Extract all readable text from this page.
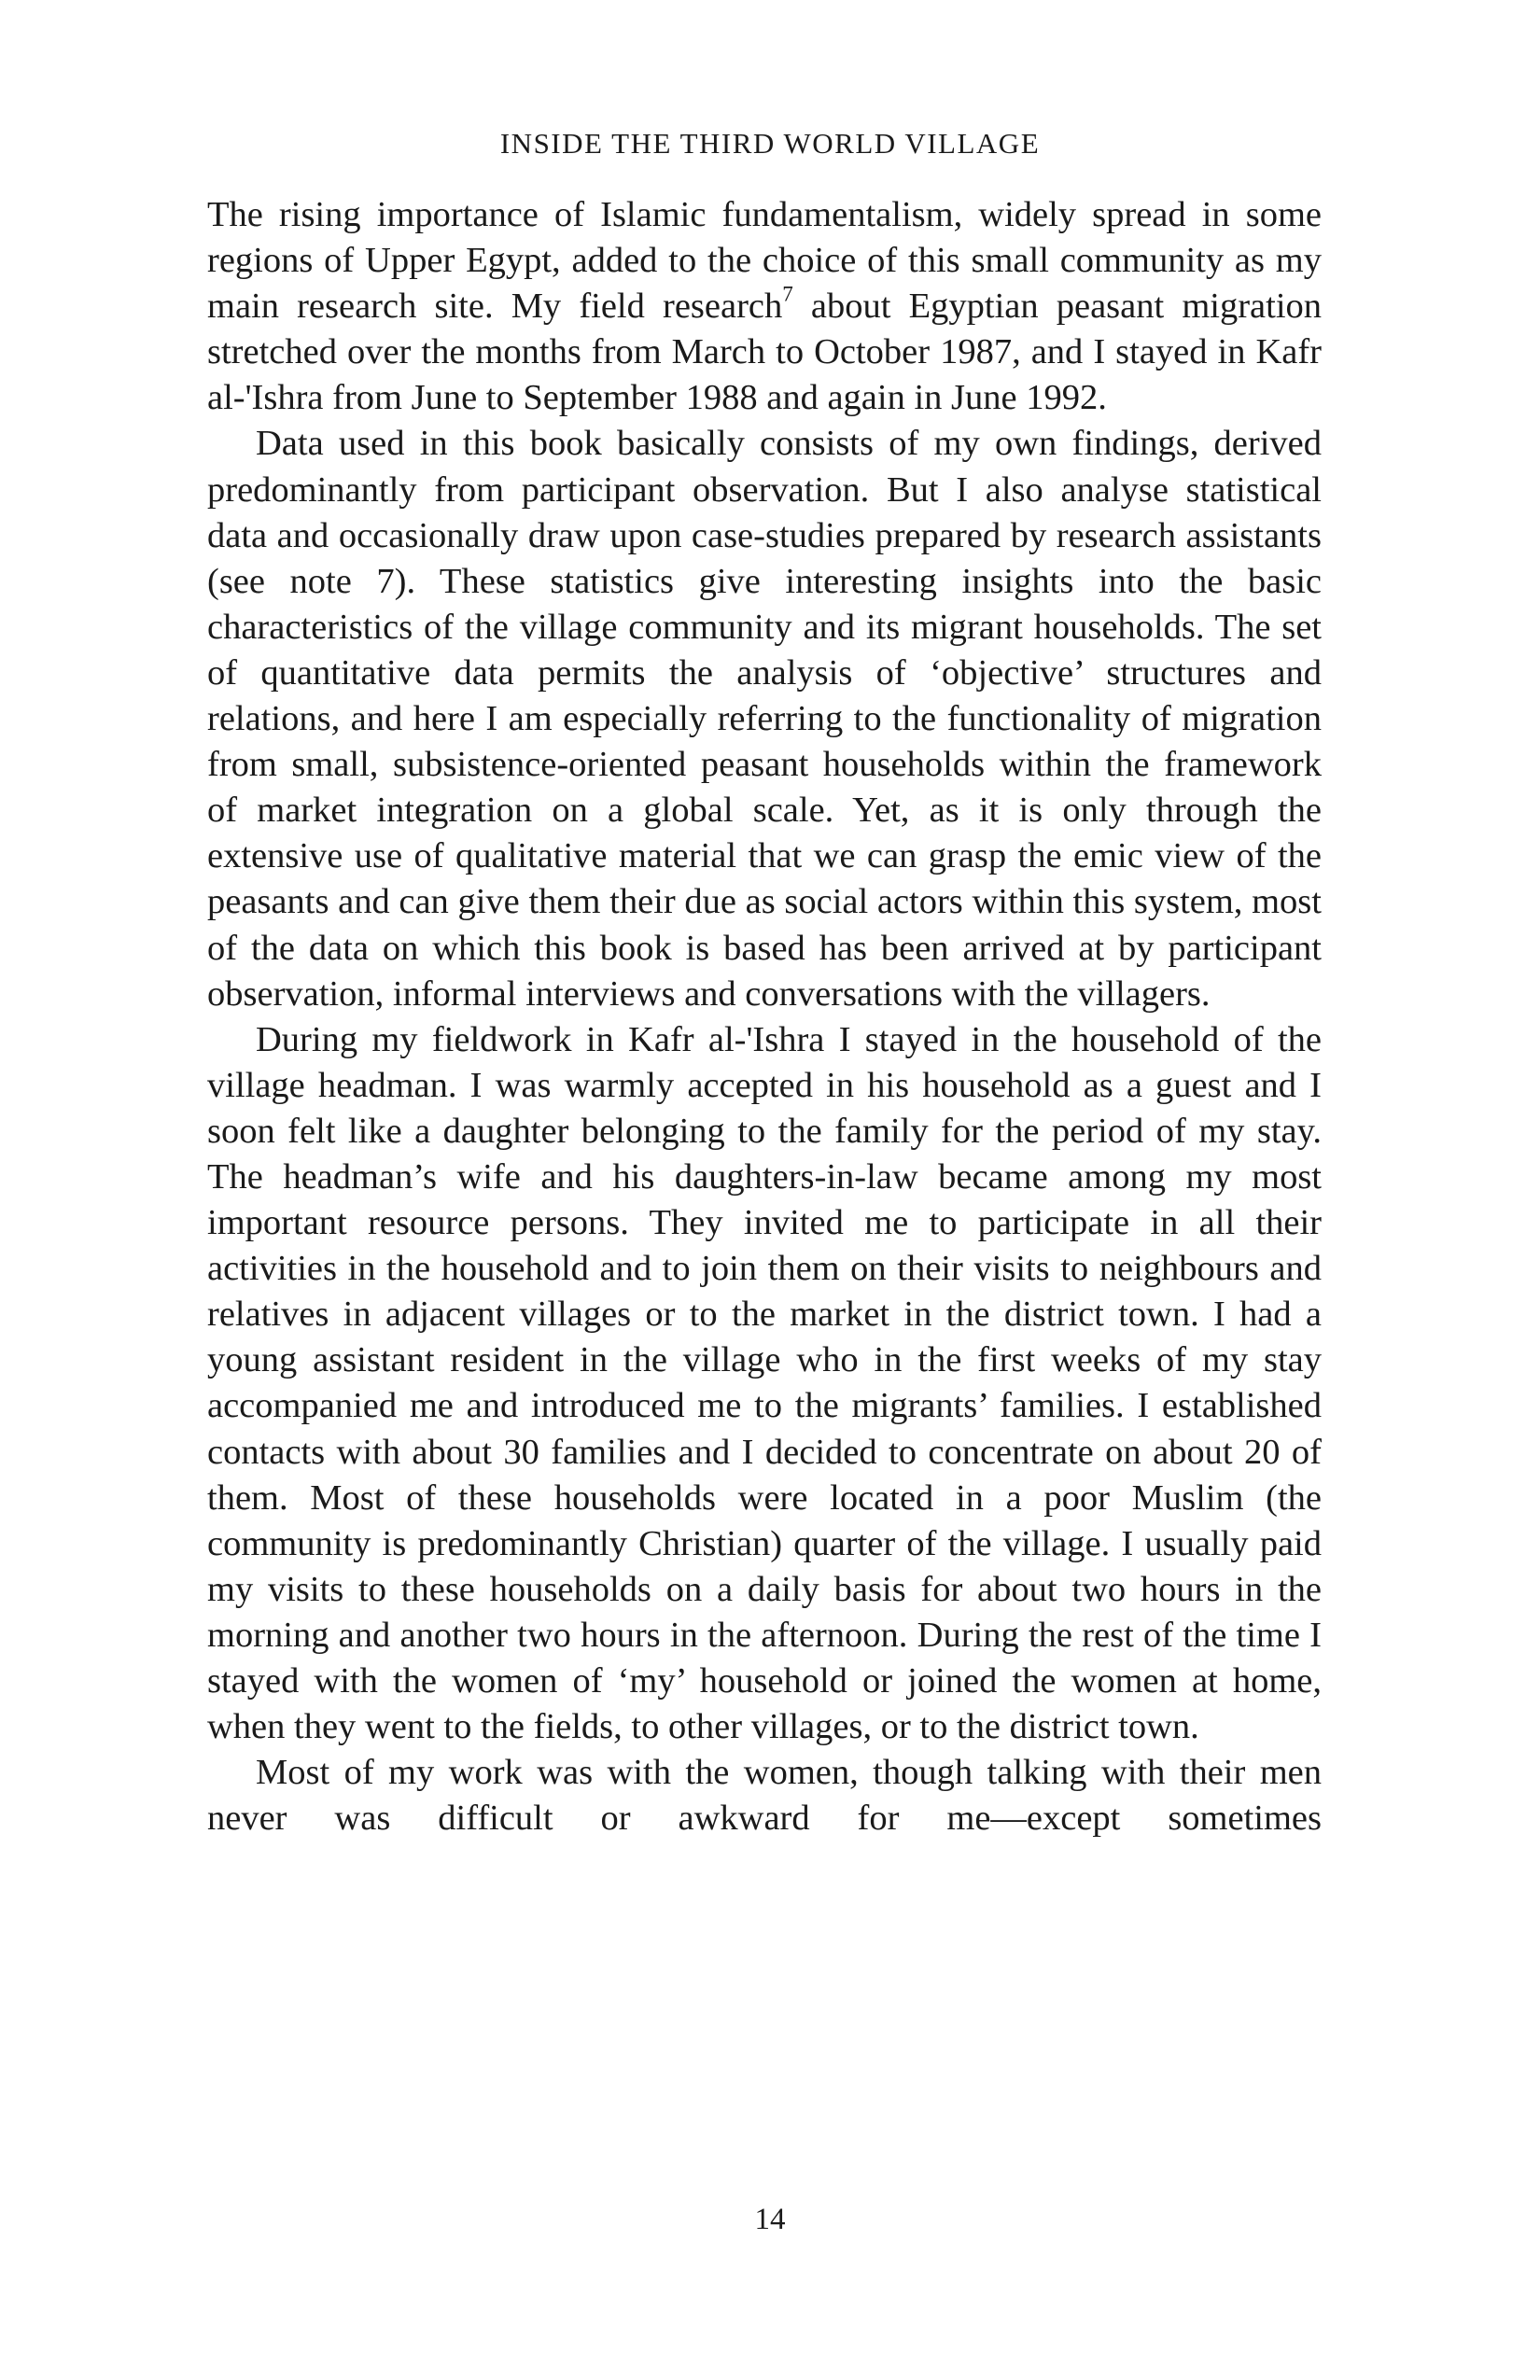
INSIDE THE THIRD WORLD VILLAGE

The rising importance of Islamic fundamentalism, widely spread in some regions of Upper Egypt, added to the choice of this small community as my main research site. My field research$^7$ about Egyptian peasant migration stretched over the months from March to October 1987, and I stayed in Kafr al-'Ishra from June to September 1988 and again in June 1992.

Data used in this book basically consists of my own findings, derived predominantly from participant observation. But I also analyse statistical data and occasionally draw upon case-studies prepared by research assistants (see note 7). These statistics give interesting insights into the basic characteristics of the village community and its migrant households. The set of quantitative data permits the analysis of ‘objective’ structures and relations, and here I am especially referring to the functionality of migration from small, subsistence-oriented peasant households within the framework of market integration on a global scale. Yet, as it is only through the extensive use of qualitative material that we can grasp the emic view of the peasants and can give them their due as social actors within this system, most of the data on which this book is based has been arrived at by participant observation, informal interviews and conversations with the villagers.

During my fieldwork in Kafr al-'Ishra I stayed in the household of the village headman. I was warmly accepted in his household as a guest and I soon felt like a daughter belonging to the family for the period of my stay. The headman’s wife and his daughters-in-law became among my most important resource persons. They invited me to participate in all their activities in the household and to join them on their visits to neighbours and relatives in adjacent villages or to the market in the district town. I had a young assistant resident in the village who in the first weeks of my stay accompanied me and introduced me to the migrants’ families. I established contacts with about 30 families and I decided to concentrate on about 20 of them. Most of these households were located in a poor Muslim (the community is predominantly Christian) quarter of the village. I usually paid my visits to these households on a daily basis for about two hours in the morning and another two hours in the afternoon. During the rest of the time I stayed with the women of ‘my’ household or joined the women at home, when they went to the fields, to other villages, or to the district town.

Most of my work was with the women, though talking with their men never was difficult or awkward for me—except sometimes

14
